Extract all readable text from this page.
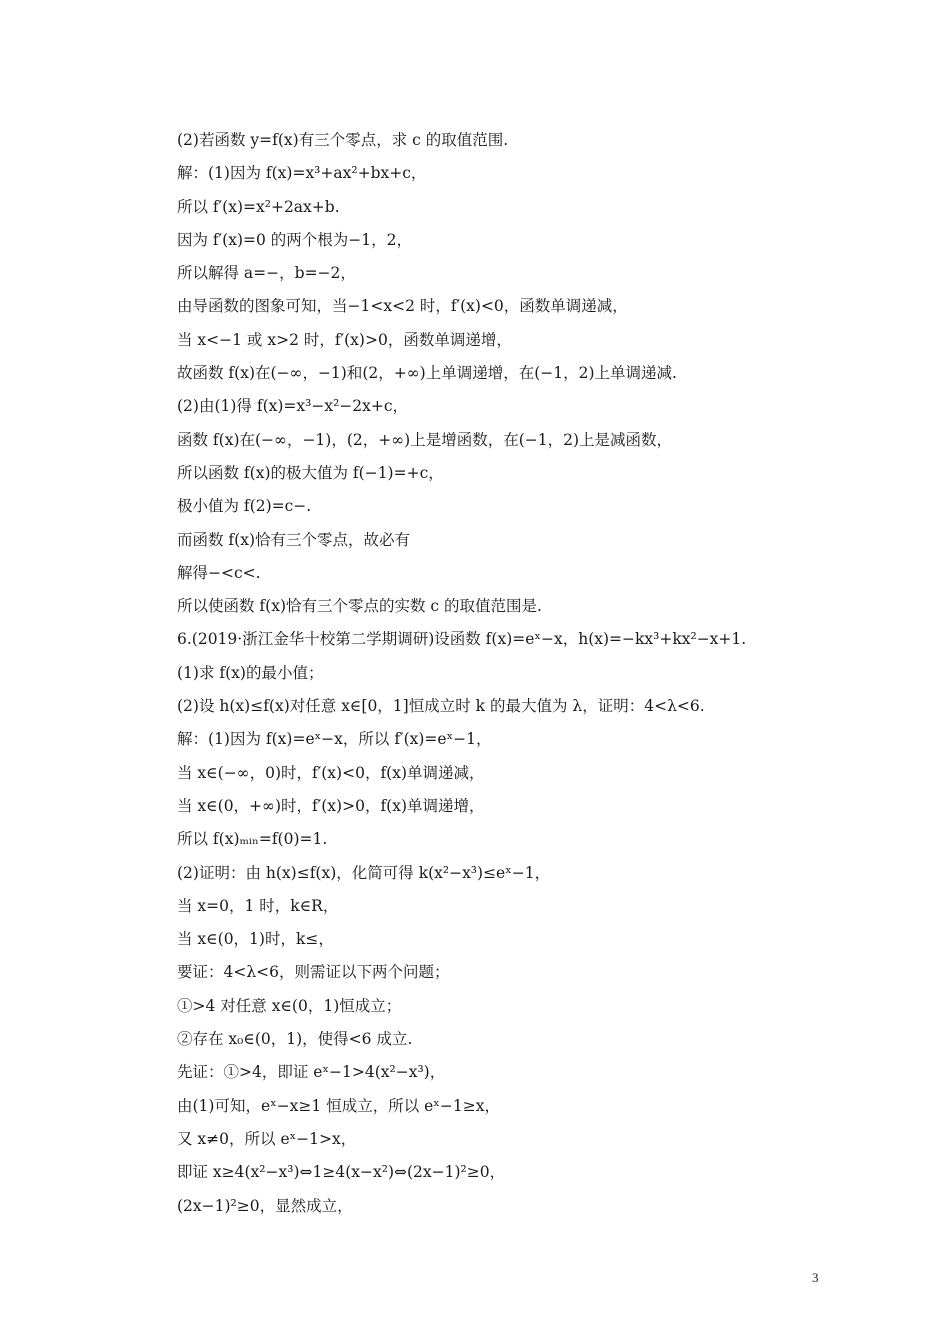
(2)若函数 y=f(x)有三个零点，求 c 的取值范围.
解：(1)因为 f(x)=x³+ax²+bx+c，
所以 f′(x)=x²+2ax+b.
因为 f′(x)=0 的两个根为−1，2，
所以解得 a=−，b=−2，
由导函数的图象可知，当−1<x<2 时，f′(x)<0，函数单调递减，
当 x<−1 或 x>2 时，f′(x)>0，函数单调递增，
故函数 f(x)在(−∞，−1)和(2，+∞)上单调递增，在(−1，2)上单调递减.
(2)由(1)得 f(x)=x³−x²−2x+c，
函数 f(x)在(−∞，−1)，(2，+∞)上是增函数，在(−1，2)上是减函数，
所以函数 f(x)的极大值为 f(−1)=+c，
极小值为 f(2)=c−.
而函数 f(x)恰有三个零点，故必有
解得−<c<.
所以使函数 f(x)恰有三个零点的实数 c 的取值范围是.
6.(2019·浙江金华十校第二学期调研)设函数 f(x)=eˣ−x，h(x)=−kx³+kx²−x+1.
(1)求 f(x)的最小值；
(2)设 h(x)≤f(x)对任意 x∈[0，1]恒成立时 k 的最大值为 λ，证明：4<λ<6.
解：(1)因为 f(x)=eˣ−x，所以 f′(x)=eˣ−1，
当 x∈(−∞，0)时，f′(x)<0，f(x)单调递减，
当 x∈(0，+∞)时，f′(x)>0，f(x)单调递增，
所以 f(x)ₘᵢₙ=f(0)=1.
(2)证明：由 h(x)≤f(x)，化简可得 k(x²−x³)≤eˣ−1，
当 x=0，1 时，k∈R，
当 x∈(0，1)时，k≤，
要证：4<λ<6，则需证以下两个问题；
①>4 对任意 x∈(0，1)恒成立；
②存在 x₀∈(0，1)，使得<6 成立.
先证：①>4，即证 eˣ−1>4(x²−x³)，
由(1)可知，eˣ−x≥1 恒成立，所以 eˣ−1≥x，
又 x≠0，所以 eˣ−1>x，
即证 x≥4(x²−x³)⇔1≥4(x−x²)⇔(2x−1)²≥0，
(2x−1)²≥0，显然成立，
3
